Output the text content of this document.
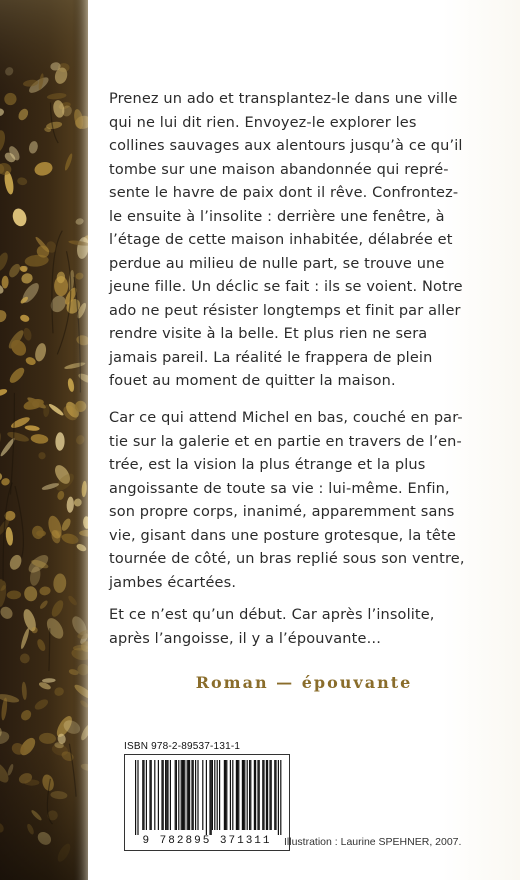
Prenez un ado et transplantez-le dans une ville
qui ne lui dit rien. Envoyez-le explorer les
collines sauvages aux alentours jusqu’à ce qu’il
tombe sur une maison abandonnée qui repré-
sente le havre de paix dont il rêve. Confrontez-
le ensuite à l’insolite : derrière une fenêtre, à
l’étage de cette maison inhabitée, délabrée et
perdue au milieu de nulle part, se trouve une
jeune fille. Un déclic se fait : ils se voient. Notre
ado ne peut résister longtemps et finit par aller
rendre visite à la belle. Et plus rien ne sera
jamais pareil. La réalité le frappera de plein
fouet au moment de quitter la maison.
Car ce qui attend Michel en bas, couché en par-
tie sur la galerie et en partie en travers de l’en-
trée, est la vision la plus étrange et la plus
angoissante de toute sa vie : lui-même. Enfin,
son propre corps, inanimé, apparemment sans
vie, gisant dans une posture grotesque, la tête
tournée de côté, un bras replié sous son ventre,
jambes écartées.
Et ce n’est qu’un début. Car après l’insolite,
après l’angoisse, il y a l’épouvante…
Roman — épouvante
ISBN 978-2-89537-131-1
9 782895 371311	Illustration : Laurine SPEHNER, 2007.
